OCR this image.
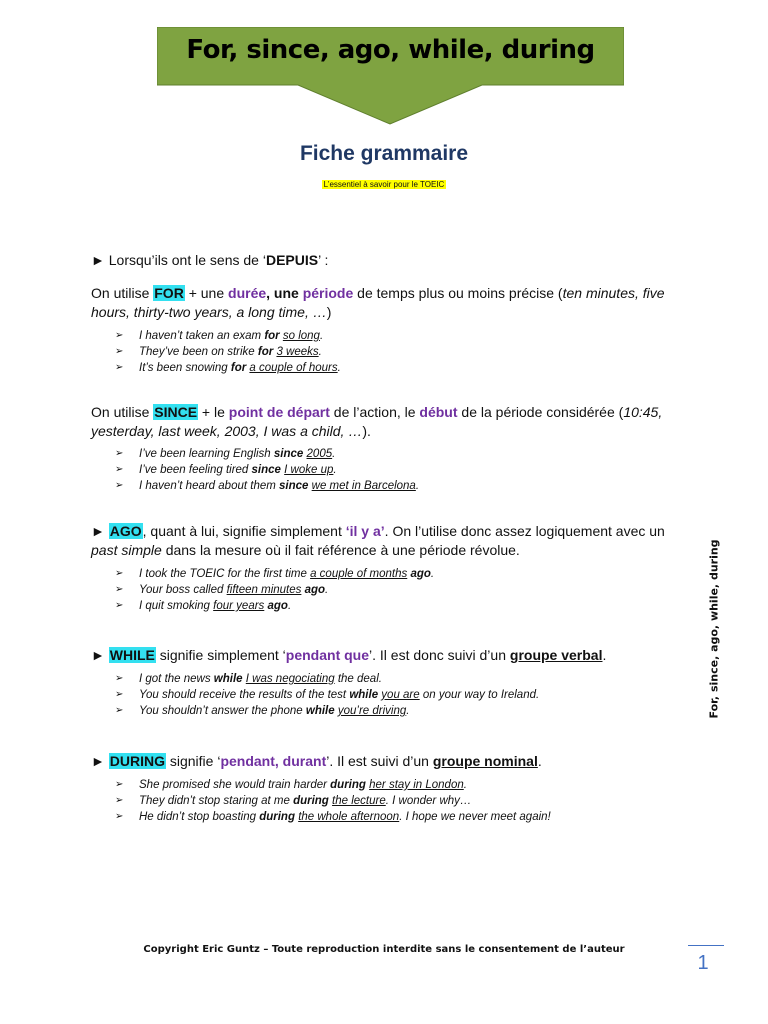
For, since, ago, while, during
Fiche grammaire
L’essentiel à savoir pour le TOEIC
► Lorsqu’ils ont le sens de ‘DEPUIS’ :
On utilise FOR + une durée, une période de temps plus ou moins précise (ten minutes, five hours, thirty-two years, a long time, …)
➢ I haven’t taken an exam for so long.
➢ They’ve been on strike for 3 weeks.
➢ It’s been snowing for a couple of hours.
On utilise SINCE + le point de départ de l’action, le début de la période considérée (10:45, yesterday, last week, 2003, I was a child, …).
➢ I’ve been learning English since 2005.
➢ I’ve been feeling tired since I woke up.
➢ I haven’t heard about them since we met in Barcelona.
► AGO, quant à lui, signifie simplement ‘il y a’. On l’utilise donc assez logiquement avec un past simple dans la mesure où il fait référence à une période révolue.
➢ I took the TOEIC for the first time a couple of months ago.
➢ Your boss called fifteen minutes ago.
➢ I quit smoking four years ago.
► WHILE signifie simplement ‘pendant que’. Il est donc suivi d’un groupe verbal.
➢ I got the news while I was negociating the deal.
➢ You should receive the results of the test while you are on your way to Ireland.
➢ You shouldn’t answer the phone while you’re driving.
► DURING signifie ‘pendant, durant’. Il est suivi d’un groupe nominal.
➢ She promised she would train harder during her stay in London.
➢ They didn’t stop staring at me during the lecture. I wonder why…
➢ He didn’t stop boasting during the whole afternoon. I hope we never meet again!
For, since, ago, while, during
Copyright Eric Guntz – Toute reproduction interdite sans le consentement de l’auteur
1
